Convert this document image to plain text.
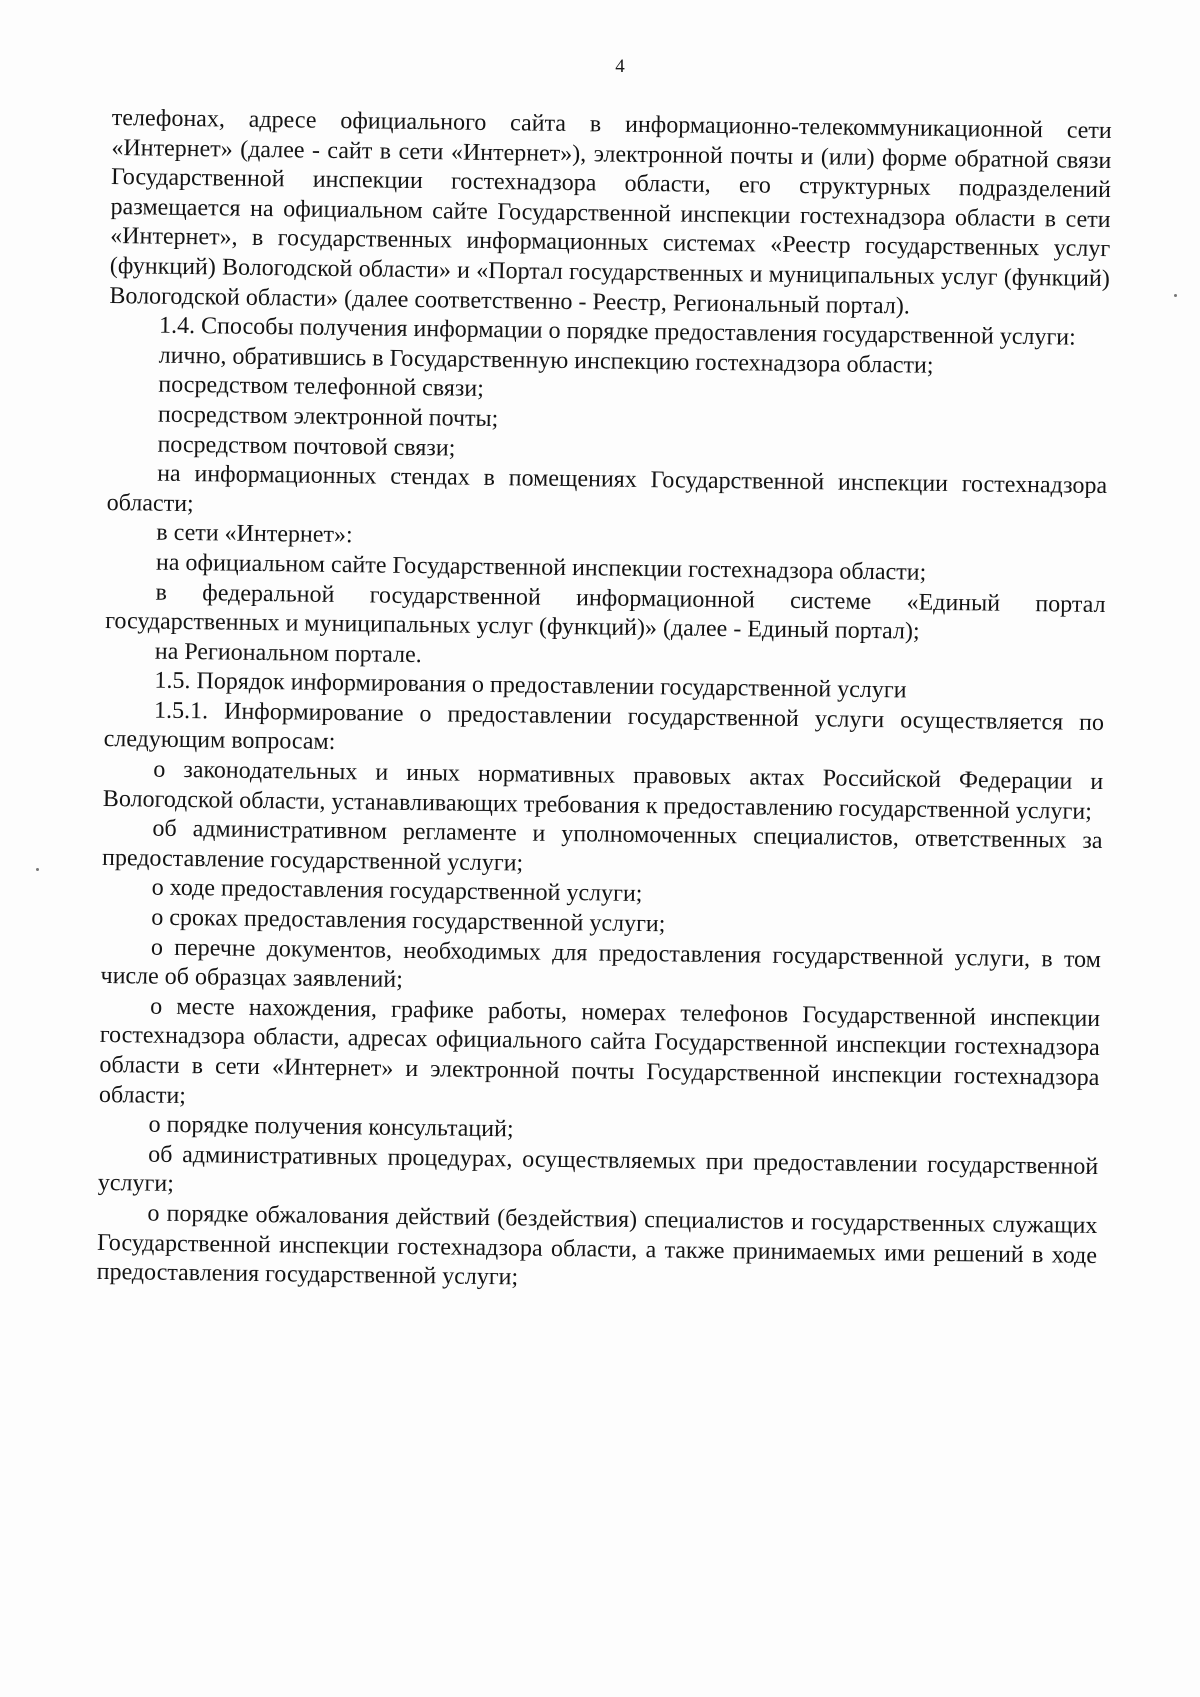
4

телефонах, адресе официального сайта в информационно-телекоммуникационной сети «Интернет» (далее - сайт в сети «Интернет»), электронной почты и (или) форме обратной связи Государственной инспекции гостехнадзора области, его структурных подразделений размещается на официальном сайте Государственной инспекции гостехнадзора области в сети «Интернет», в государственных информационных системах «Реестр государственных услуг (функций) Вологодской области» и «Портал государственных и муниципальных услуг (функций) Вологодской области» (далее соответственно - Реестр, Региональный портал).

1.4. Способы получения информации о порядке предоставления государственной услуги:

лично, обратившись в Государственную инспекцию гостехнадзора области;

посредством телефонной связи;

посредством электронной почты;

посредством почтовой связи;

на информационных стендах в помещениях Государственной инспекции гостехнадзора области;

в сети «Интернет»:

на официальном сайте Государственной инспекции гостехнадзора области;

в федеральной государственной информационной системе «Единый портал государственных и муниципальных услуг (функций)» (далее - Единый портал);

на Региональном портале.

1.5. Порядок информирования о предоставлении государственной услуги

1.5.1. Информирование о предоставлении государственной услуги осуществляется по следующим вопросам:

о законодательных и иных нормативных правовых актах Российской Федерации и Вологодской области, устанавливающих требования к предоставлению государственной услуги;

об административном регламенте и уполномоченных специалистов, ответственных за предоставление государственной услуги;

о ходе предоставления государственной услуги;

о сроках предоставления государственной услуги;

о перечне документов, необходимых для предоставления государственной услуги, в том числе об образцах заявлений;

о месте нахождения, графике работы, номерах телефонов Государственной инспекции гостехнадзора области, адресах официального сайта Государственной инспекции гостехнадзора области в сети «Интернет» и электронной почты Государственной инспекции гостехнадзора области;

о порядке получения консультаций;

об административных процедурах, осуществляемых при предоставлении государственной услуги;

о порядке обжалования действий (бездействия) специалистов и государственных служащих Государственной инспекции гостехнадзора области, а также принимаемых ими решений в ходе предоставления государственной услуги;
